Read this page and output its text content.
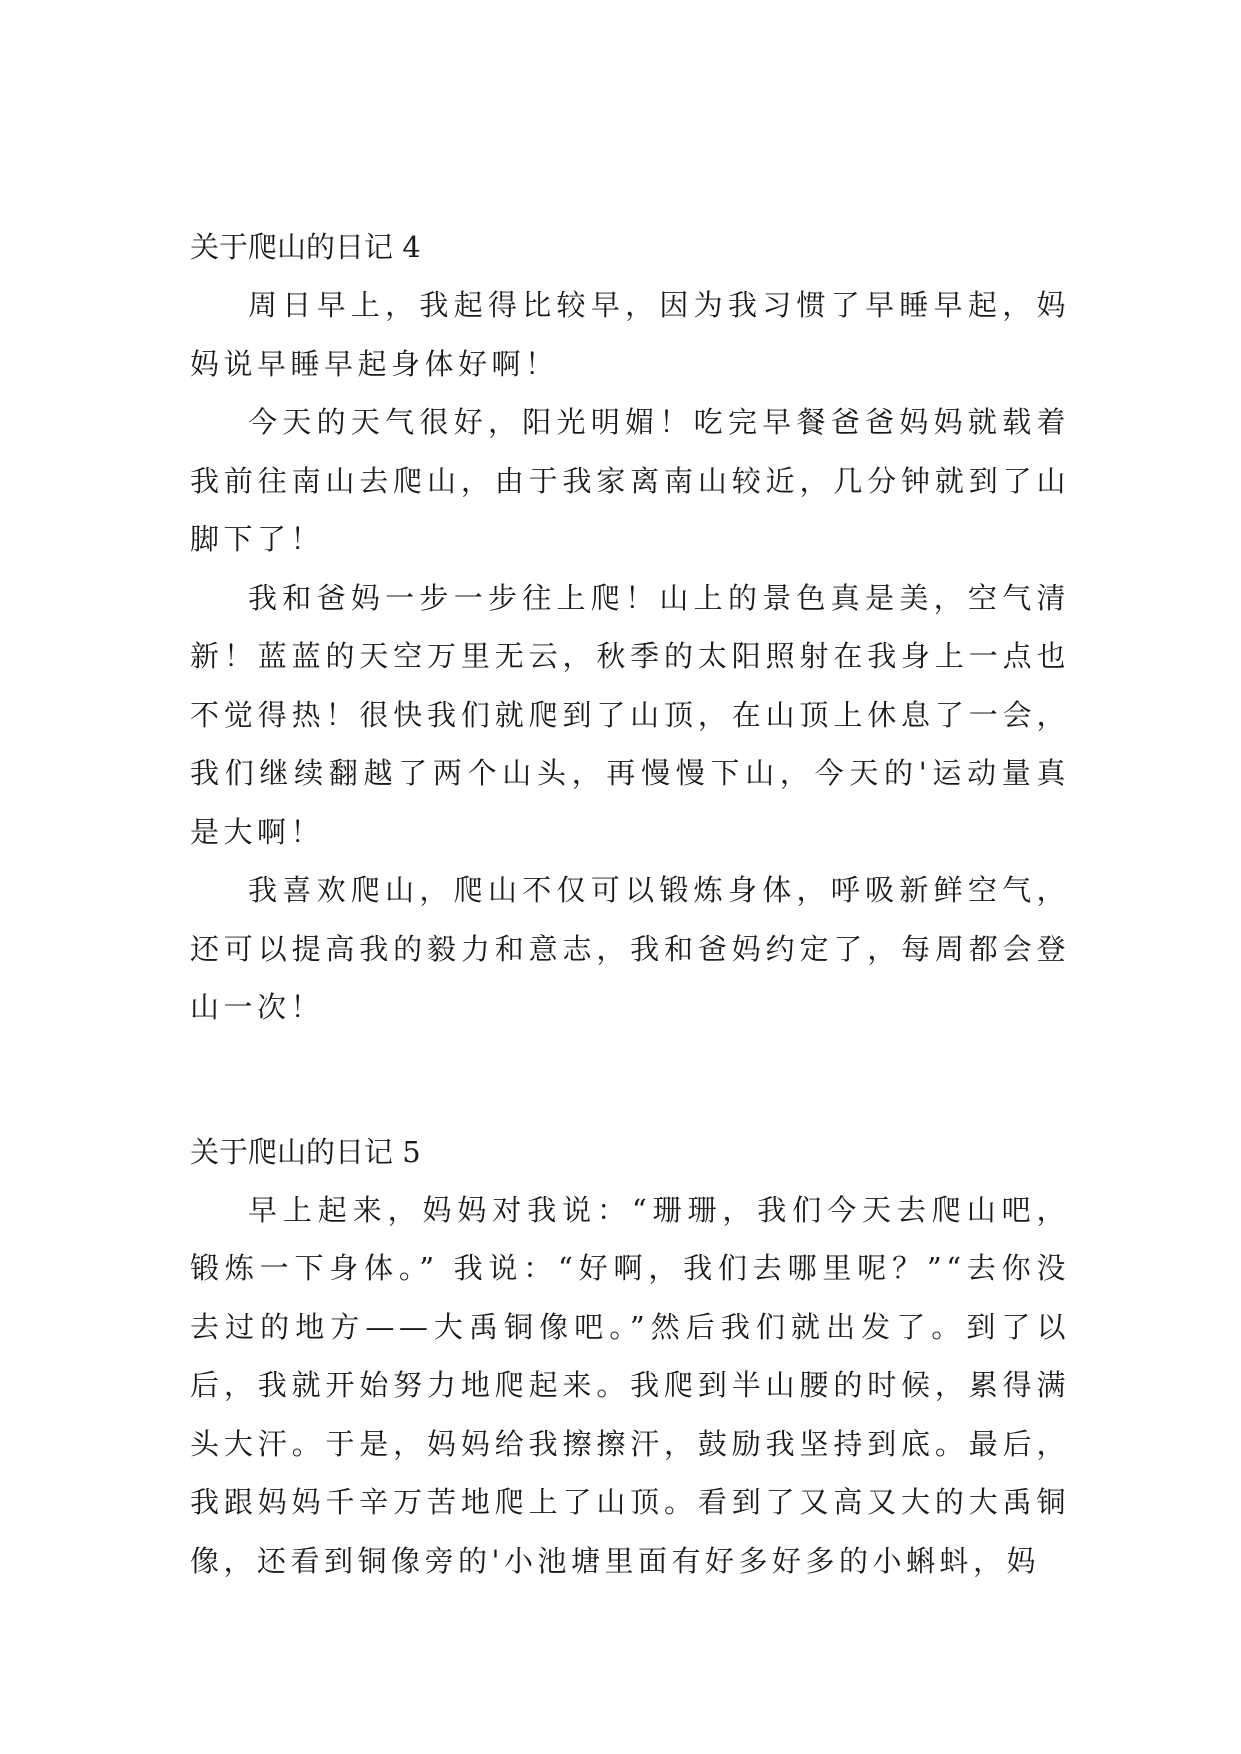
关于爬山的日记 4

周日早上，我起得比较早，因为我习惯了早睡早起，妈妈说早睡早起身体好啊！

今天的天气很好，阳光明媚！吃完早餐爸爸妈妈就载着我前往南山去爬山，由于我家离南山较近，几分钟就到了山脚下了！

我和爸妈一步一步往上爬！山上的景色真是美，空气清新！蓝蓝的天空万里无云，秋季的太阳照射在我身上一点也不觉得热！很快我们就爬到了山顶，在山顶上休息了一会，我们继续翻越了两个山头，再慢慢下山，今天的'运动量真是大啊！

我喜欢爬山，爬山不仅可以锻炼身体，呼吸新鲜空气，还可以提高我的毅力和意志，我和爸妈约定了，每周都会登山一次！

关于爬山的日记 5

早上起来，妈妈对我说：“珊珊，我们今天去爬山吧，锻炼一下身体。” 我说：“好啊，我们去哪里呢？”“去你没去过的地方——大禹铜像吧。”然后我们就出发了。到了以后，我就开始努力地爬起来。我爬到半山腰的时候，累得满头大汗。于是，妈妈给我擦擦汗，鼓励我坚持到底。最后，我跟妈妈千辛万苦地爬上了山顶。看到了又高又大的大禹铜像，还看到铜像旁的'小池塘里面有好多好多的小蝌蚪，妈
